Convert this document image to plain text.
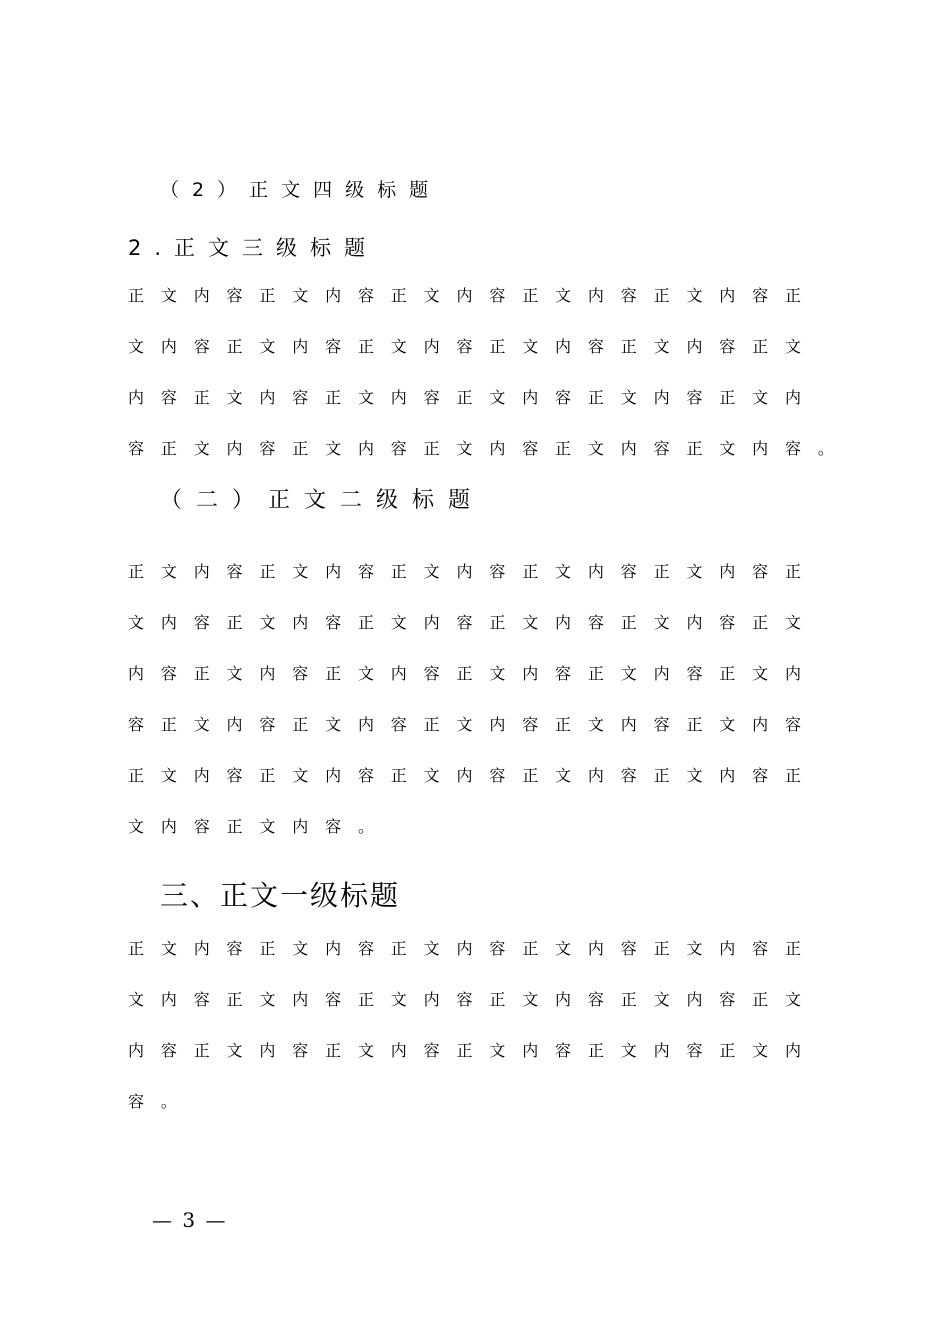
（2）正文四级标题
2.正文三级标题
正文内容正文内容正文内容正文内容正文内容正
文内容正文内容正文内容正文内容正文内容正文
内容正文内容正文内容正文内容正文内容正文内
容正文内容正文内容正文内容正文内容正文内容。
（二）正文二级标题
正文内容正文内容正文内容正文内容正文内容正
文内容正文内容正文内容正文内容正文内容正文
内容正文内容正文内容正文内容正文内容正文内
容正文内容正文内容正文内容正文内容正文内容
正文内容正文内容正文内容正文内容正文内容正
文内容正文内容。
三、正文一级标题
正文内容正文内容正文内容正文内容正文内容正
文内容正文内容正文内容正文内容正文内容正文
内容正文内容正文内容正文内容正文内容正文内
容。
— 3 —
